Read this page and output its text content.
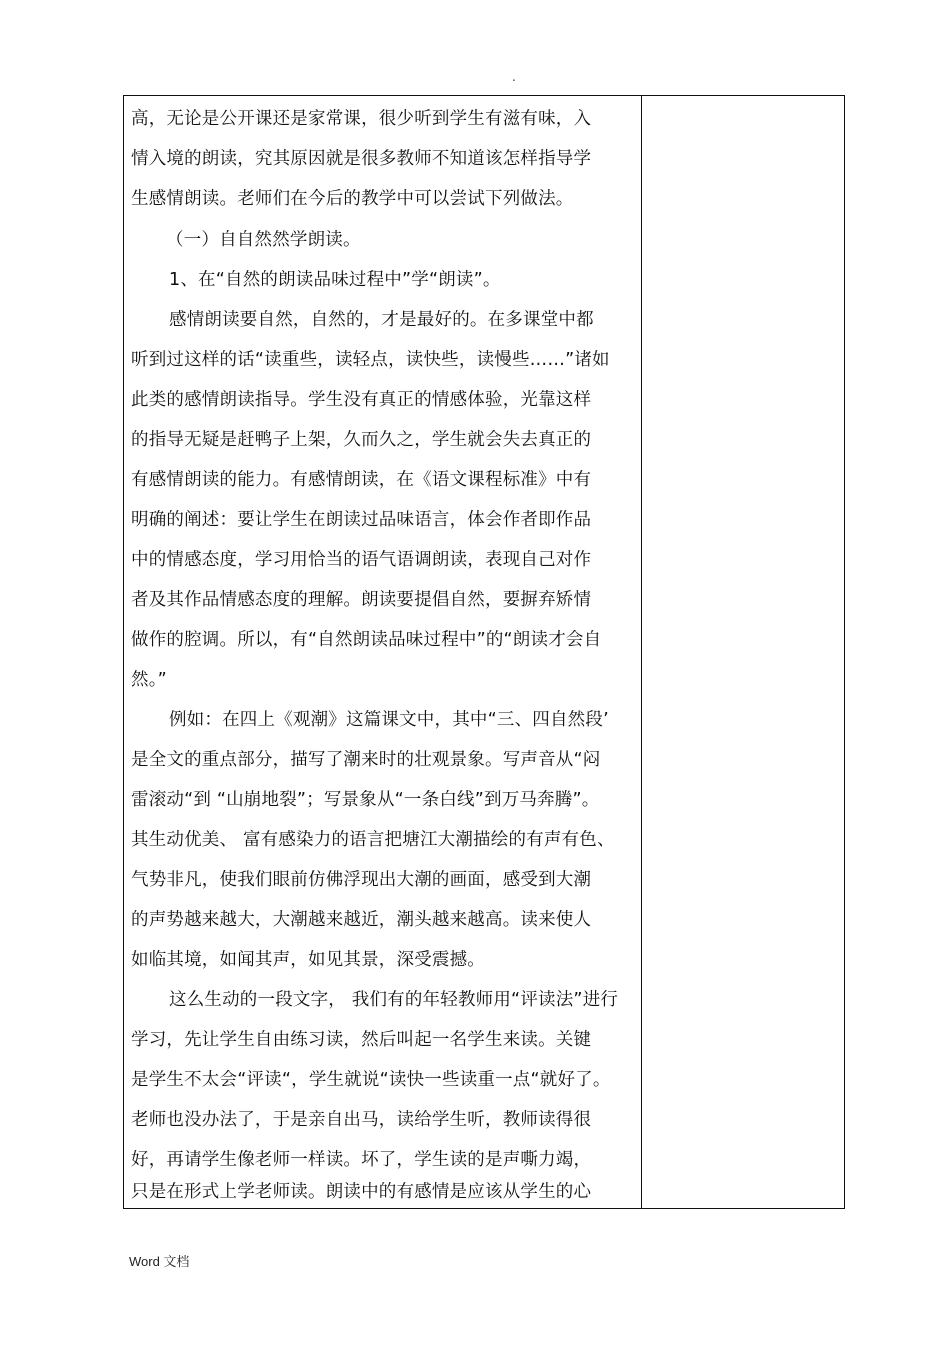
.
高，无论是公开课还是家常课，很少听到学生有滋有味，入
情入境的朗读，究其原因就是很多教师不知道该怎样指导学
生感情朗读。老师们在今后的教学中可以尝试下列做法。
（一）自自然然学朗读。
1、在“自然的朗读品味过程中”学“朗读”。
感情朗读要自然，自然的，才是最好的。在多课堂中都
听到过这样的话“读重些，读轻点，读快些，读慢些……”诸如
此类的感情朗读指导。学生没有真正的情感体验，光靠这样
的指导无疑是赶鸭子上架，久而久之，学生就会失去真正的
有感情朗读的能力。有感情朗读，在《语文课程标准》中有
明确的阐述：要让学生在朗读过品味语言，体会作者即作品
中的情感态度，学习用恰当的语气语调朗读，表现自己对作
者及其作品情感态度的理解。朗读要提倡自然，要摒弃矫情
做作的腔调。所以，有“自然朗读品味过程中”的“朗读才会自
然。”
例如：在四上《观潮》这篇课文中，其中“三、四自然段’
是全文的重点部分，描写了潮来时的壮观景象。写声音从“闷
雷滚动“到 “山崩地裂”；写景象从“一条白线”到万马奔腾”。
其生动优美、 富有感染力的语言把塘江大潮描绘的有声有色、
气势非凡，使我们眼前仿佛浮现出大潮的画面，感受到大潮
的声势越来越大，大潮越来越近，潮头越来越高。读来使人
如临其境，如闻其声，如见其景，深受震撼。
这么生动的一段文字， 我们有的年轻教师用“评读法”进行
学习，先让学生自由练习读，然后叫起一名学生来读。关键
是学生不太会“评读“，学生就说“读快一些读重一点“就好了。
老师也没办法了，于是亲自出马，读给学生听，教师读得很
好，再请学生像老师一样读。坏了，学生读的是声嘶力竭，
只是在形式上学老师读。朗读中的有感情是应该从学生的心
Word 文档
